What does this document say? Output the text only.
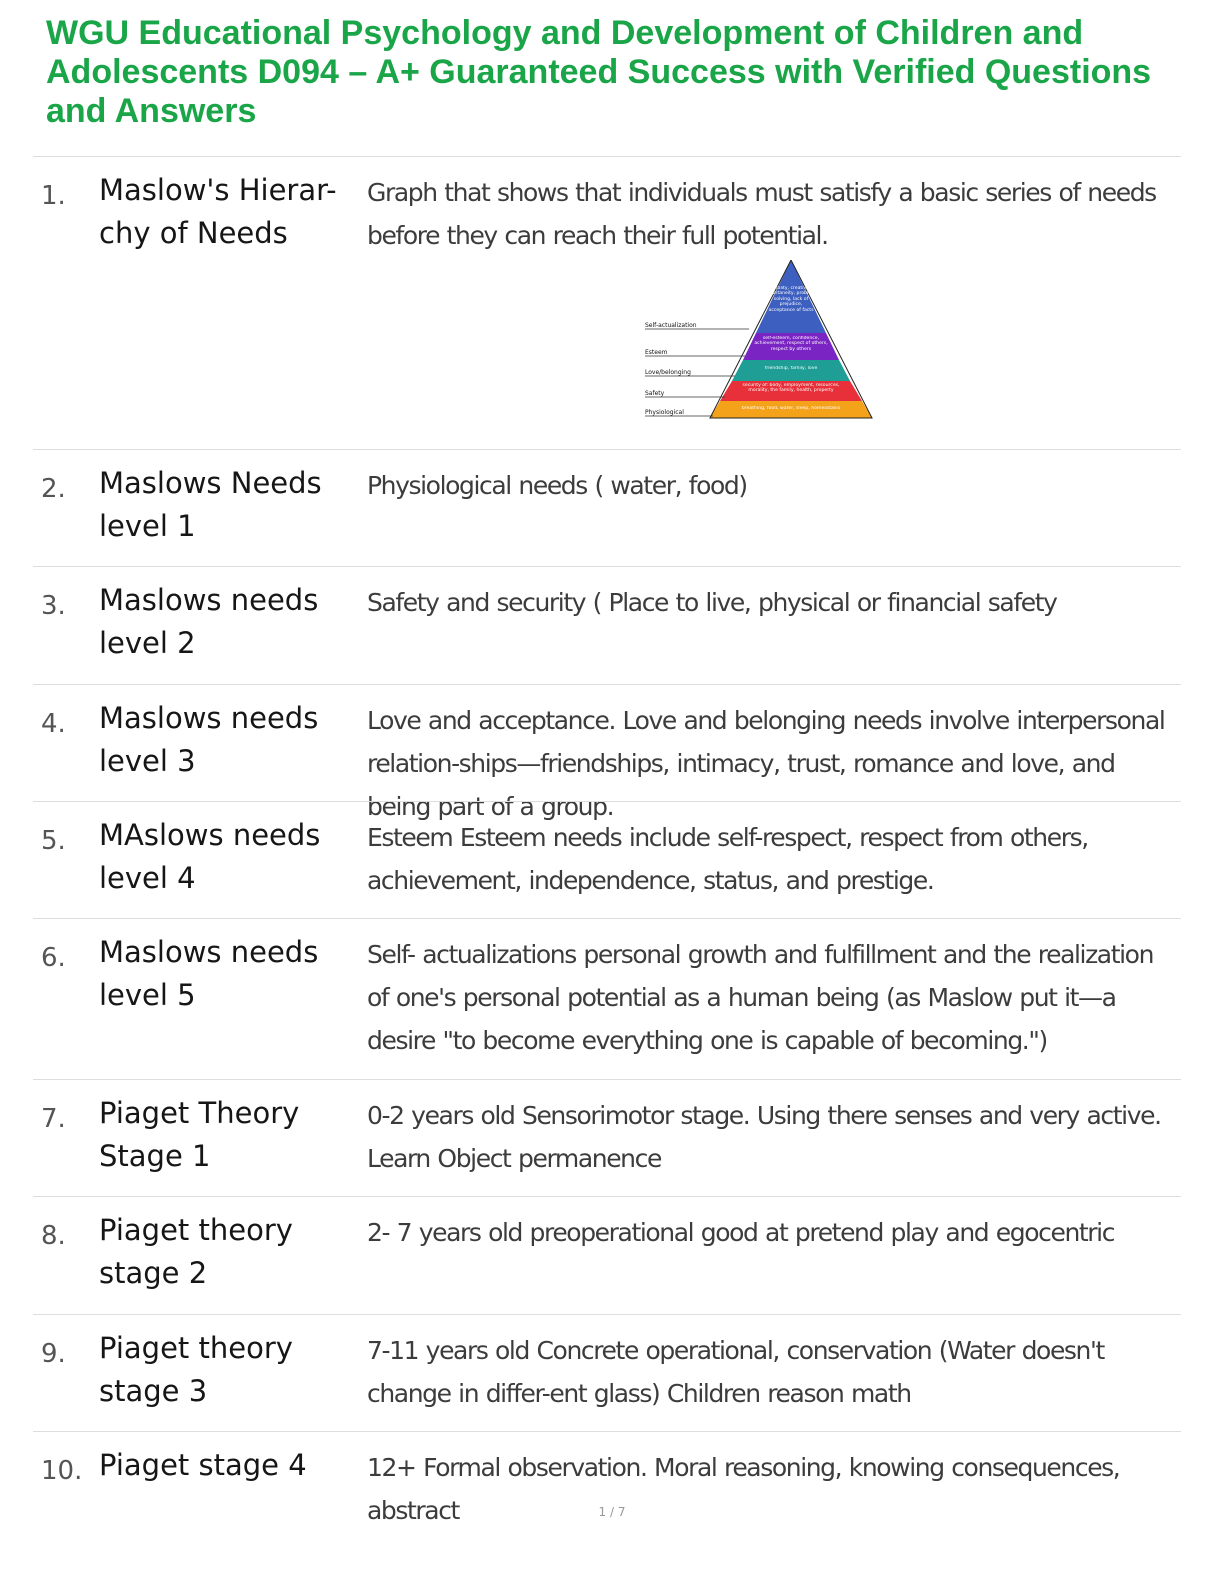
WGU Educational Psychology and Development of Children and Adolescents D094 – A+ Guaranteed Success with Verified Questions and Answers
1. Maslow's Hierar-chy of Needs
Graph that shows that individuals must satisfy a basic series of needs before they can reach their full potential.
Self-actualization
Esteem
Love/belonging
Safety
Physiological
morality, creativity, spontaneity, problem solving, lack of prejudice, acceptance of facts
self-esteem, confidence, achievement, respect of others, respect by others
friendship, family, love
security of: body, employment, resources, morality, the family, health, property
breathing, food, water, sleep, homeostasis
2. Maslows Needs level 1
Physiological needs ( water, food)
3. Maslows needs level 2
Safety and security ( Place to live, physical or financial safety
4. Maslows needs level 3
Love and acceptance. Love and belonging needs involve interpersonal relation-ships—friendships, intimacy, trust, romance and love, and being part of a group.
5. MAslows needs level 4
Esteem Esteem needs include self-respect, respect from others, achievement, independence, status, and prestige.
6. Maslows needs level 5
Self- actualizations personal growth and fulfillment and the realization of one's personal potential as a human being (as Maslow put it—a desire "to become everything one is capable of becoming.")
7. Piaget Theory Stage 1
0-2 years old Sensorimotor stage. Using there senses and very active. Learn Object permanence
8. Piaget theory stage 2
2- 7 years old preoperational good at pretend play and egocentric
9. Piaget theory stage 3
7-11 years old Concrete operational, conservation (Water doesn't change in differ-ent glass) Children reason math
10. Piaget stage 4	12+ Formal observation. Moral reasoning, knowing consequences, abstract	1 / 7
